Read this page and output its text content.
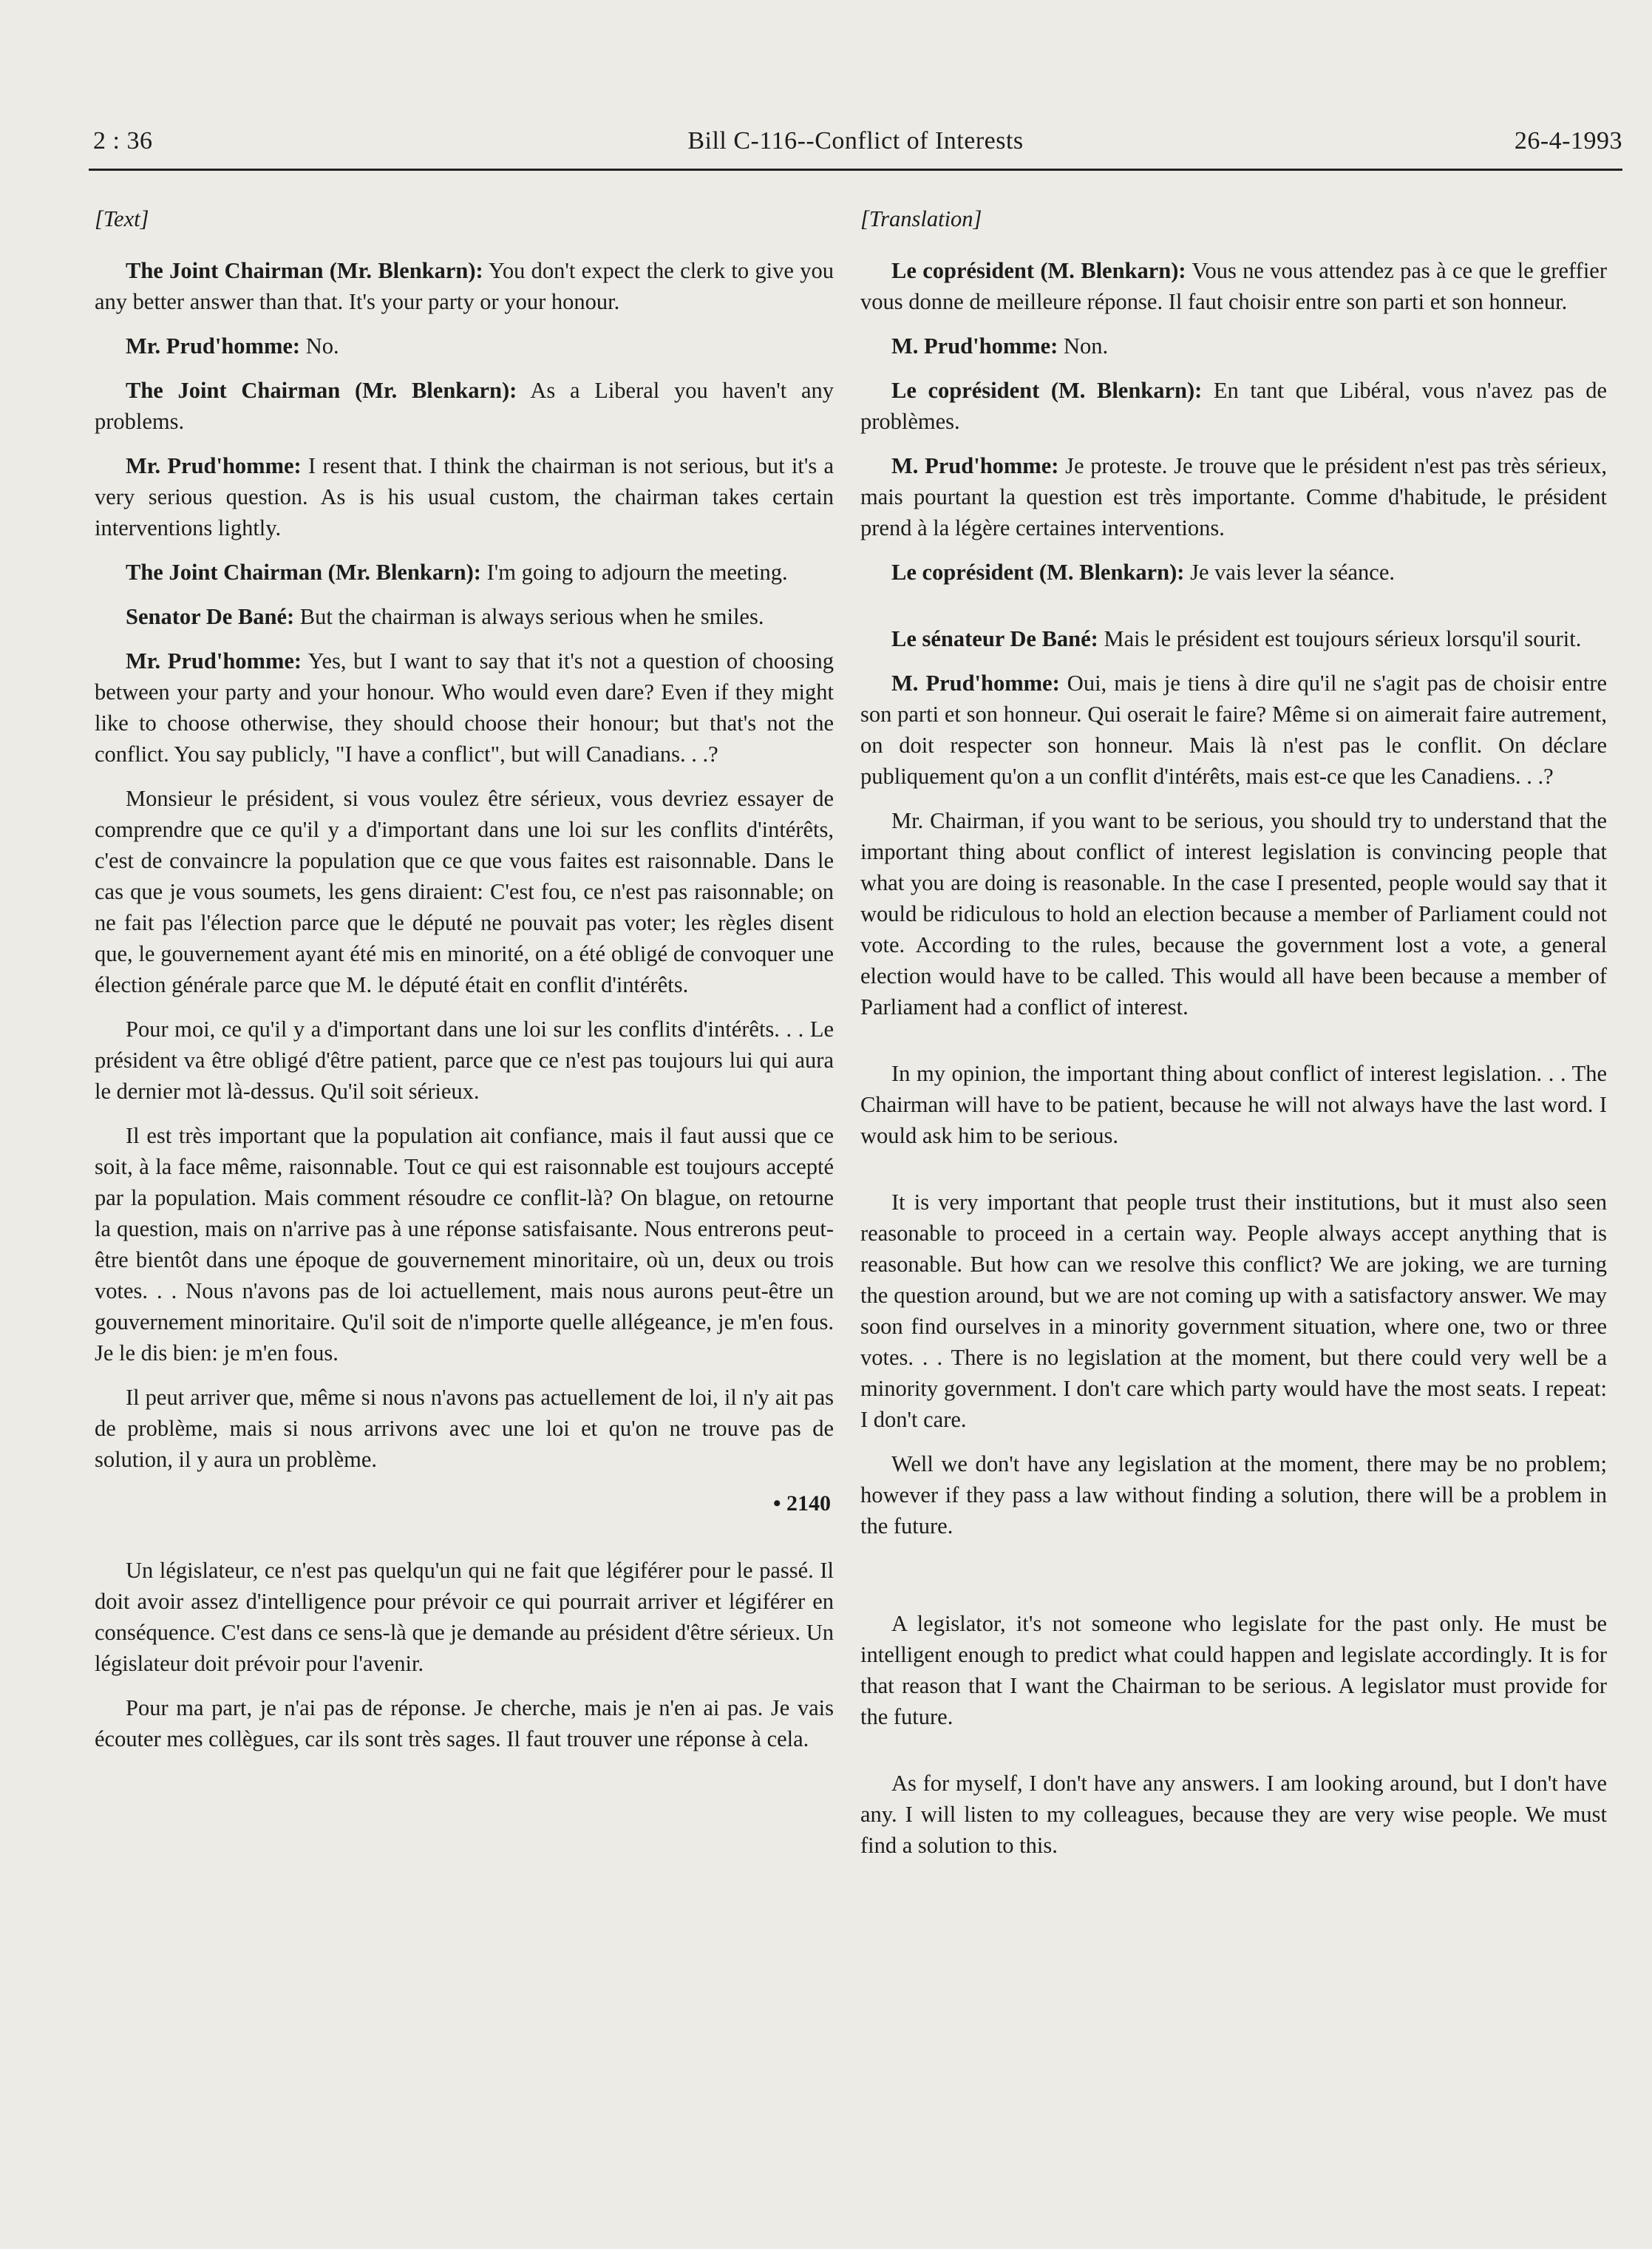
2 : 36	Bill C-116--Conflict of Interests	26-4-1993

[Text]

The Joint Chairman (Mr. Blenkarn): You don't expect the clerk to give you any better answer than that. It's your party or your honour.

Mr. Prud'homme: No.

The Joint Chairman (Mr. Blenkarn): As a Liberal you haven't any problems.

Mr. Prud'homme: I resent that. I think the chairman is not serious, but it's a very serious question. As is his usual custom, the chairman takes certain interventions lightly.

The Joint Chairman (Mr. Blenkarn): I'm going to adjourn the meeting.

Senator De Bané: But the chairman is always serious when he smiles.

Mr. Prud'homme: Yes, but I want to say that it's not a question of choosing between your party and your honour. Who would even dare? Even if they might like to choose otherwise, they should choose their honour; but that's not the conflict. You say publicly, "I have a conflict", but will Canadians. . .?

Monsieur le président, si vous voulez être sérieux, vous devriez essayer de comprendre que ce qu'il y a d'important dans une loi sur les conflits d'intérêts, c'est de convaincre la population que ce que vous faites est raisonnable. Dans le cas que je vous soumets, les gens diraient: C'est fou, ce n'est pas raisonnable; on ne fait pas l'élection parce que le député ne pouvait pas voter; les règles disent que, le gouvernement ayant été mis en minorité, on a été obligé de convoquer une élection générale parce que M. le député était en conflit d'intérêts.

Pour moi, ce qu'il y a d'important dans une loi sur les conflits d'intérêts. . . Le président va être obligé d'être patient, parce que ce n'est pas toujours lui qui aura le dernier mot là-dessus. Qu'il soit sérieux.

Il est très important que la population ait confiance, mais il faut aussi que ce soit, à la face même, raisonnable. Tout ce qui est raisonnable est toujours accepté par la population. Mais comment résoudre ce conflit-là? On blague, on retourne la question, mais on n'arrive pas à une réponse satisfaisante. Nous entrerons peut-être bientôt dans une époque de gouvernement minoritaire, où un, deux ou trois votes. . . Nous n'avons pas de loi actuellement, mais nous aurons peut-être un gouvernement minoritaire. Qu'il soit de n'importe quelle allégeance, je m'en fous. Je le dis bien: je m'en fous.

Il peut arriver que, même si nous n'avons pas actuellement de loi, il n'y ait pas de problème, mais si nous arrivons avec une loi et qu'on ne trouve pas de solution, il y aura un problème.

• 2140

Un législateur, ce n'est pas quelqu'un qui ne fait que légiférer pour le passé. Il doit avoir assez d'intelligence pour prévoir ce qui pourrait arriver et légiférer en conséquence. C'est dans ce sens-là que je demande au président d'être sérieux. Un législateur doit prévoir pour l'avenir.

Pour ma part, je n'ai pas de réponse. Je cherche, mais je n'en ai pas. Je vais écouter mes collègues, car ils sont très sages. Il faut trouver une réponse à cela.

[Translation]

Le coprésident (M. Blenkarn): Vous ne vous attendez pas à ce que le greffier vous donne de meilleure réponse. Il faut choisir entre son parti et son honneur.

M. Prud'homme: Non.

Le coprésident (M. Blenkarn): En tant que Libéral, vous n'avez pas de problèmes.

M. Prud'homme: Je proteste. Je trouve que le président n'est pas très sérieux, mais pourtant la question est très importante. Comme d'habitude, le président prend à la légère certaines interventions.

Le coprésident (M. Blenkarn): Je vais lever la séance.

Le sénateur De Bané: Mais le président est toujours sérieux lorsqu'il sourit.

M. Prud'homme: Oui, mais je tiens à dire qu'il ne s'agit pas de choisir entre son parti et son honneur. Qui oserait le faire? Même si on aimerait faire autrement, on doit respecter son honneur. Mais là n'est pas le conflit. On déclare publiquement qu'on a un conflit d'intérêts, mais est-ce que les Canadiens. . .?

Mr. Chairman, if you want to be serious, you should try to understand that the important thing about conflict of interest legislation is convincing people that what you are doing is reasonable. In the case I presented, people would say that it would be ridiculous to hold an election because a member of Parliament could not vote. According to the rules, because the government lost a vote, a general election would have to be called. This would all have been because a member of Parliament had a conflict of interest.

In my opinion, the important thing about conflict of interest legislation. . . The Chairman will have to be patient, because he will not always have the last word. I would ask him to be serious.

It is very important that people trust their institutions, but it must also seen reasonable to proceed in a certain way. People always accept anything that is reasonable. But how can we resolve this conflict? We are joking, we are turning the question around, but we are not coming up with a satisfactory answer. We may soon find ourselves in a minority government situation, where one, two or three votes. . . There is no legislation at the moment, but there could very well be a minority government. I don't care which party would have the most seats. I repeat: I don't care.

Well we don't have any legislation at the moment, there may be no problem; however if they pass a law without finding a solution, there will be a problem in the future.

A legislator, it's not someone who legislate for the past only. He must be intelligent enough to predict what could happen and legislate accordingly. It is for that reason that I want the Chairman to be serious. A legislator must provide for the future.

As for myself, I don't have any answers. I am looking around, but I don't have any. I will listen to my colleagues, because they are very wise people. We must find a solution to this.
